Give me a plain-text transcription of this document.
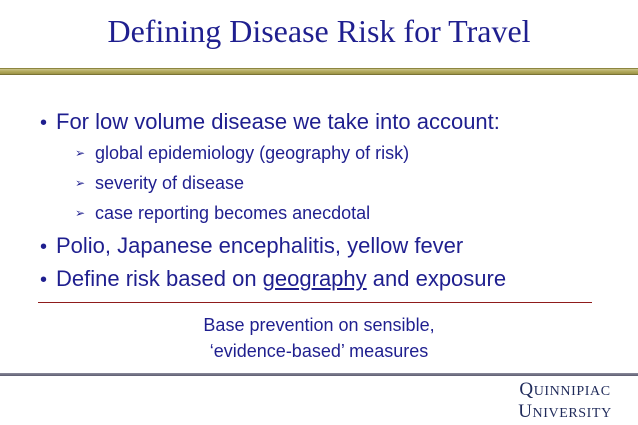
Defining Disease Risk for Travel
• For low volume disease we take into account:
➢ global epidemiology (geography of risk)
➢ severity of disease
➢ case reporting becomes anecdotal
• Polio, Japanese encephalitis, yellow fever
• Define risk based on geography and exposure
Base prevention on sensible,
‘evidence-based’ measures
QUINNIPIAC
UNIVERSITY
